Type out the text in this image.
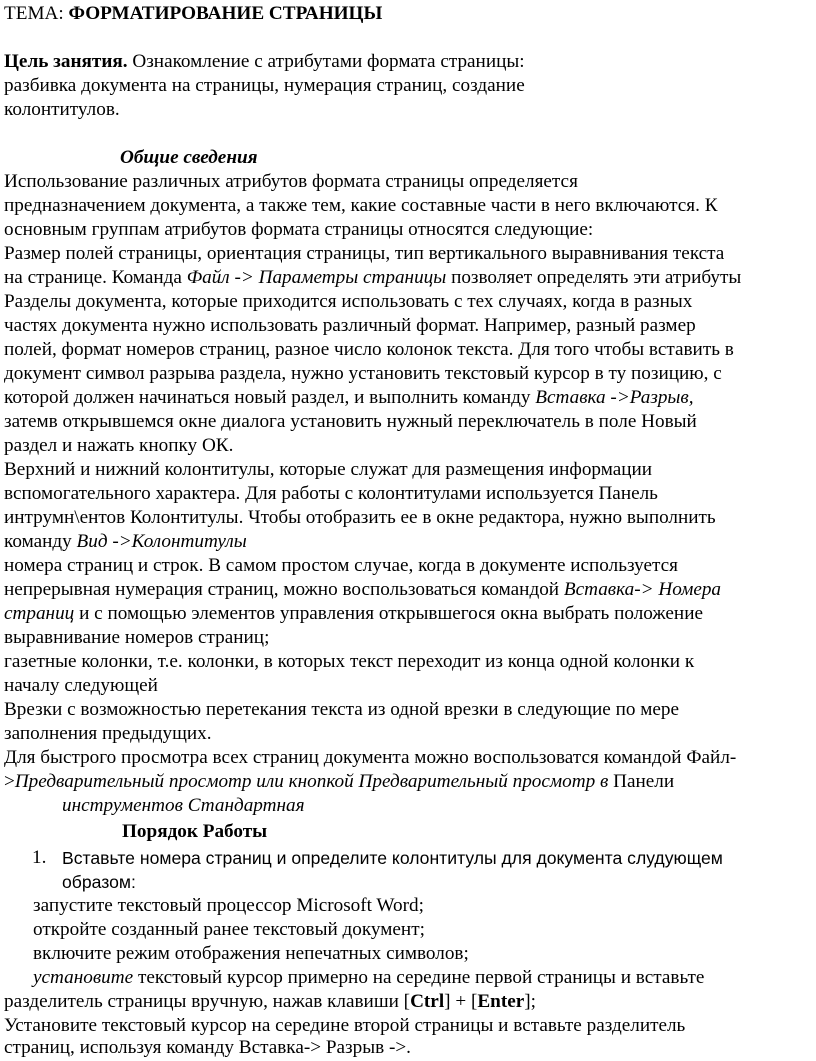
ТЕМА: ФОРМАТИРОВАНИЕ СТРАНИЦЫ
Цель занятия. Ознакомление с атрибутами формата страницы:
разбивка документа на страницы, нумерация страниц, создание
колонтитулов.
Общие сведения
Использование различных атрибутов формата страницы определяется
предназначением документа, а также тем, какие составные части в него включаются. К
основным группам атрибутов формата страницы относятся следующие:
Размер полей страницы, ориентация страницы, тип вертикального выравнивания текста
на странице. Команда Файл -> Параметры страницы позволяет определять эти атрибуты
Разделы документа, которые приходится использовать с тех случаях, когда в разных
частях документа нужно использовать различный формат. Например, разный размер
полей, формат номеров страниц, разное число колонок текста. Для того чтобы вставить в
документ символ разрыва раздела, нужно установить текстовый курсор в ту позицию, с
которой должен начинаться новый раздел, и выполнить команду Вставка ->Разрыв,
затемв открывшемся окне диалога установить нужный переключатель в поле Новый
раздел и нажать кнопку ОК.
Верхний и нижний колонтитулы, которые служат для размещения информации
вспомогательного характера. Для работы с колонтитулами используется Панель
интрумн\ентов Колонтитулы. Чтобы отобразить ее в окне редактора, нужно выполнить
команду Вид ->Колонтитулы
номера страниц и строк. В самом простом случае, когда в документе используется
непрерывная нумерация страниц, можно воспользоваться командой Вставка-> Номера
страниц и с помощью элементов управления открывшегося окна выбрать положение
выравнивание номеров страниц;
газетные колонки, т.е. колонки, в которых текст переходит из конца одной колонки к
началу следующей
Врезки с возможностью перетекания текста из одной врезки в следующие по мере
заполнения предыдущих.
Для быстрого просмотра всех страниц документа можно воспользоватся командой Файл-
>Предварительный просмотр или кнопкой Предварительный просмотр в Панели
инструментов Стандартная
Порядок Работы
1. Вставьте номера страниц и определите колонтитулы для документа слудующем
образом:
запустите текстовый процессор Microsoft Word;
откройте созданный ранее текстовый документ;
включите режим отображения непечатных символов;
установите текстовый курсор примерно на середине первой страницы и вставьте
разделитель страницы вручную, нажав клавиши [Ctrl] + [Enter];
Установите текстовый курсор на середине второй страницы и вставьте разделитель
страниц, используя команду Вставка-> Разрыв ->.
